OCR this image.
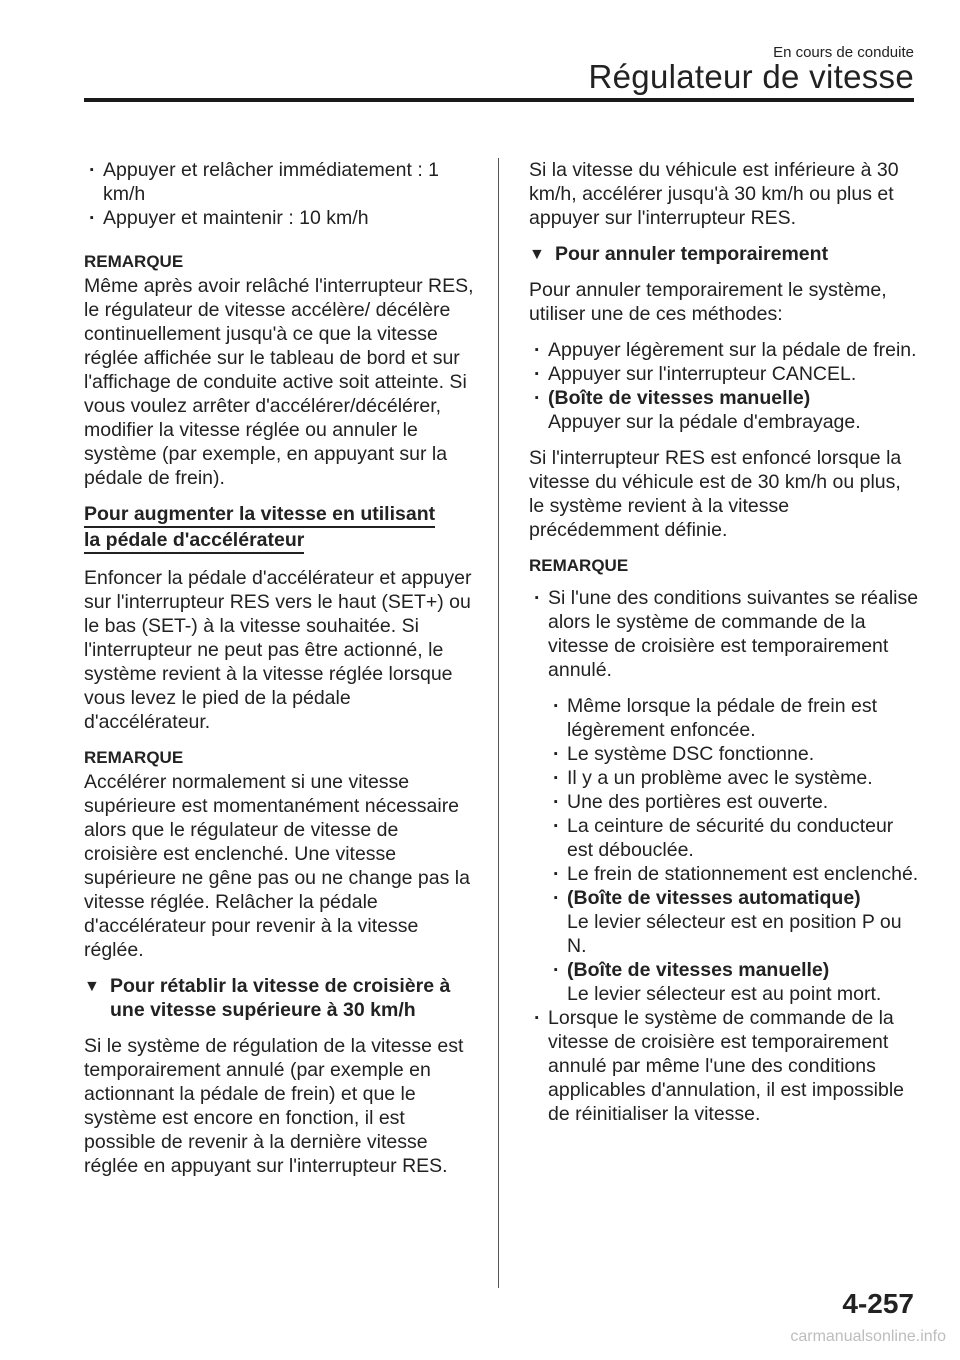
En cours de conduite
Régulateur de vitesse

· Appuyer et relâcher immédiatement : 1 km/h

· Appuyer et maintenir : 10 km/h

REMARQUE

Même après avoir relâché l'interrupteur RES, le régulateur de vitesse accélère/ décélère continuellement jusqu'à ce que la vitesse réglée affichée sur le tableau de bord et sur l'affichage de conduite active soit atteinte. Si vous voulez arrêter d'accélérer/décélérer, modifier la vitesse réglée ou annuler le système (par exemple, en appuyant sur la pédale de frein).

Pour augmenter la vitesse en utilisant
la pédale d'accélérateur

Enfoncer la pédale d'accélérateur et appuyer sur l'interrupteur RES vers le haut (SET+) ou le bas (SET-) à la vitesse souhaitée. Si l'interrupteur ne peut pas être actionné, le système revient à la vitesse réglée lorsque vous levez le pied de la pédale d'accélérateur.

REMARQUE

Accélérer normalement si une vitesse supérieure est momentanément nécessaire alors que le régulateur de vitesse de croisière est enclenché. Une vitesse supérieure ne gêne pas ou ne change pas la vitesse réglée. Relâcher la pédale d'accélérateur pour revenir à la vitesse réglée.

▼ Pour rétablir la vitesse de croisière à une vitesse supérieure à 30 km/h

Si le système de régulation de la vitesse est temporairement annulé (par exemple en actionnant la pédale de frein) et que le système est encore en fonction, il est possible de revenir à la dernière vitesse réglée en appuyant sur l'interrupteur RES.

Si la vitesse du véhicule est inférieure à 30 km/h, accélérer jusqu'à 30 km/h ou plus et appuyer sur l'interrupteur RES.

▼ Pour annuler temporairement

Pour annuler temporairement le système, utiliser une de ces méthodes:

· Appuyer légèrement sur la pédale de frein.

· Appuyer sur l'interrupteur CANCEL.

· (Boîte de vitesses manuelle)
Appuyer sur la pédale d'embrayage.

Si l'interrupteur RES est enfoncé lorsque la vitesse du véhicule est de 30 km/h ou plus, le système revient à la vitesse précédemment définie.

REMARQUE

· Si l'une des conditions suivantes se réalise alors le système de commande de la vitesse de croisière est temporairement annulé.

· Même lorsque la pédale de frein est légèrement enfoncée.

· Le système DSC fonctionne.

· Il y a un problème avec le système.

· Une des portières est ouverte.

· La ceinture de sécurité du conducteur est débouclée.

· Le frein de stationnement est enclenché.

· (Boîte de vitesses automatique)
Le levier sélecteur est en position P ou N.

· (Boîte de vitesses manuelle)
Le levier sélecteur est au point mort.

· Lorsque le système de commande de la vitesse de croisière est temporairement annulé par même l'une des conditions applicables d'annulation, il est impossible de réinitialiser la vitesse.

4-257
carmanualsonline.info
